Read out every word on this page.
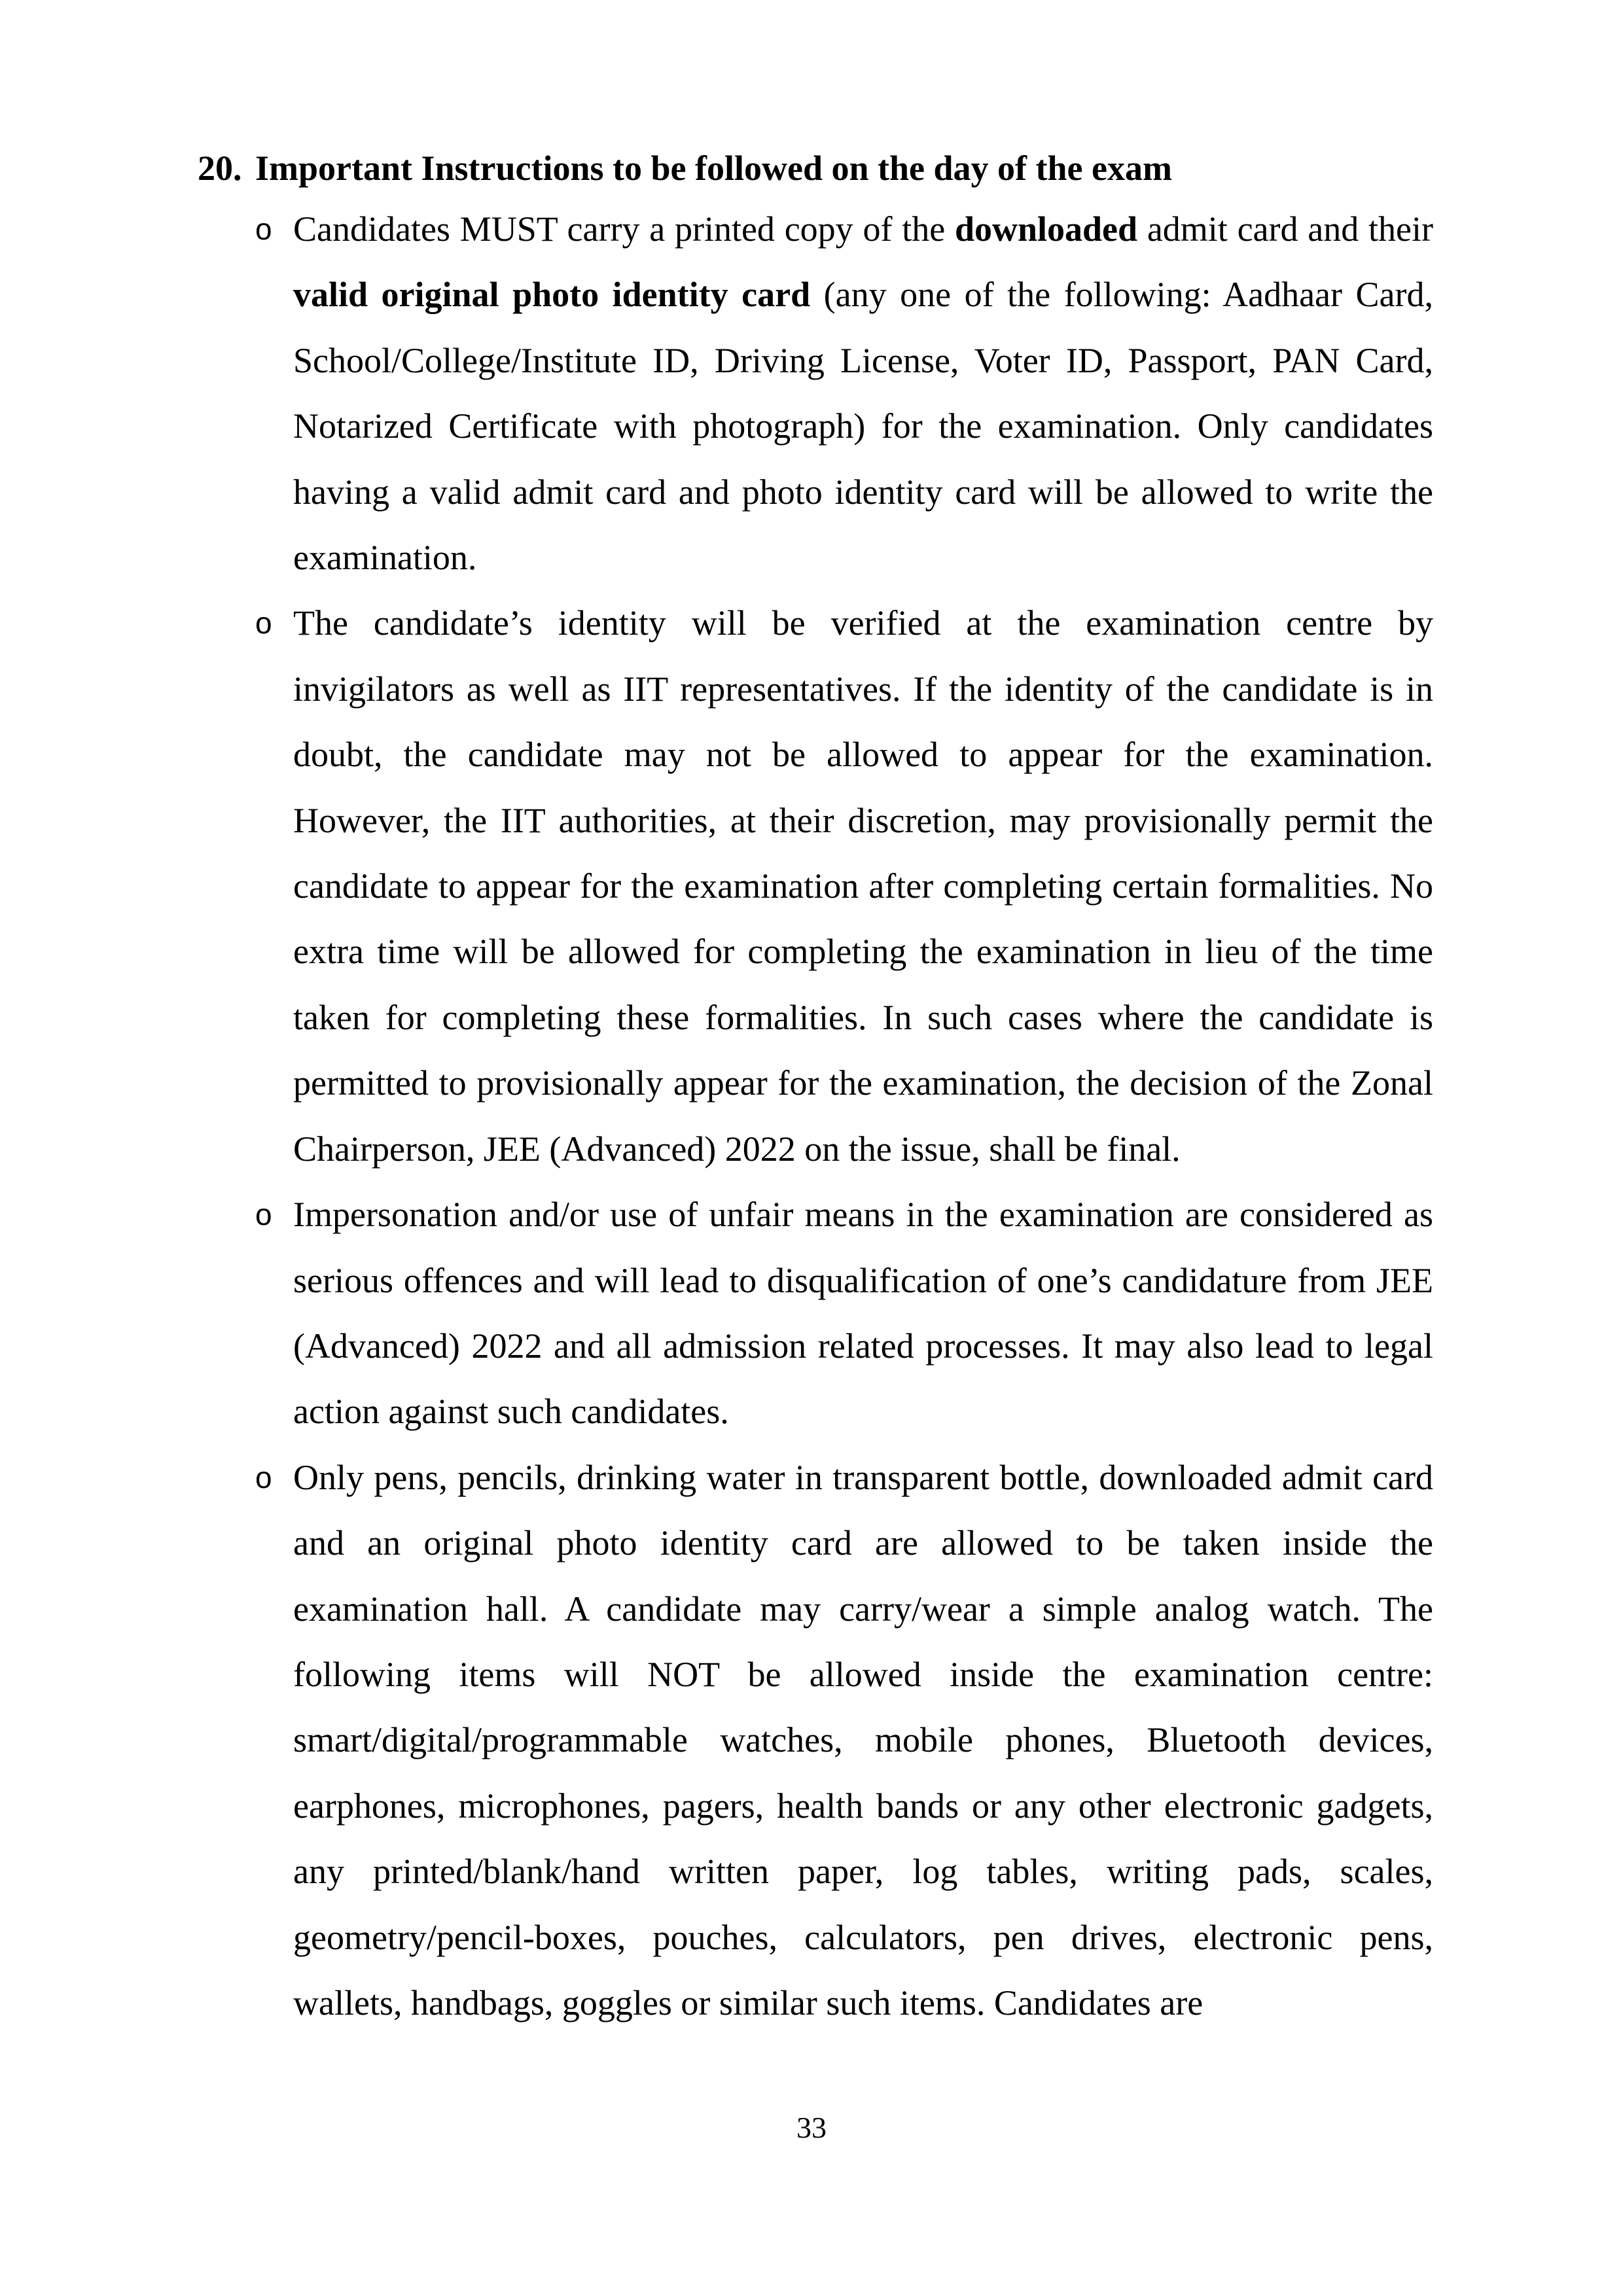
20. Important Instructions to be followed on the day of the exam
o Candidates MUST carry a printed copy of the downloaded admit card and their valid original photo identity card (any one of the following: Aadhaar Card, School/College/Institute ID, Driving License, Voter ID, Passport, PAN Card, Notarized Certificate with photograph) for the examination. Only candidates having a valid admit card and photo identity card will be allowed to write the examination.
o The candidate’s identity will be verified at the examination centre by invigilators as well as IIT representatives. If the identity of the candidate is in doubt, the candidate may not be allowed to appear for the examination. However, the IIT authorities, at their discretion, may provisionally permit the candidate to appear for the examination after completing certain formalities. No extra time will be allowed for completing the examination in lieu of the time taken for completing these formalities. In such cases where the candidate is permitted to provisionally appear for the examination, the decision of the Zonal Chairperson, JEE (Advanced) 2022 on the issue, shall be final.
o Impersonation and/or use of unfair means in the examination are considered as serious offences and will lead to disqualification of one’s candidature from JEE (Advanced) 2022 and all admission related processes. It may also lead to legal action against such candidates.
o Only pens, pencils, drinking water in transparent bottle, downloaded admit card and an original photo identity card are allowed to be taken inside the examination hall. A candidate may carry/wear a simple analog watch. The following items will NOT be allowed inside the examination centre: smart/digital/programmable watches, mobile phones, Bluetooth devices, earphones, microphones, pagers, health bands or any other electronic gadgets, any printed/blank/hand written paper, log tables, writing pads, scales, geometry/pencil-boxes, pouches, calculators, pen drives, electronic pens, wallets, handbags, goggles or similar such items. Candidates are
33
